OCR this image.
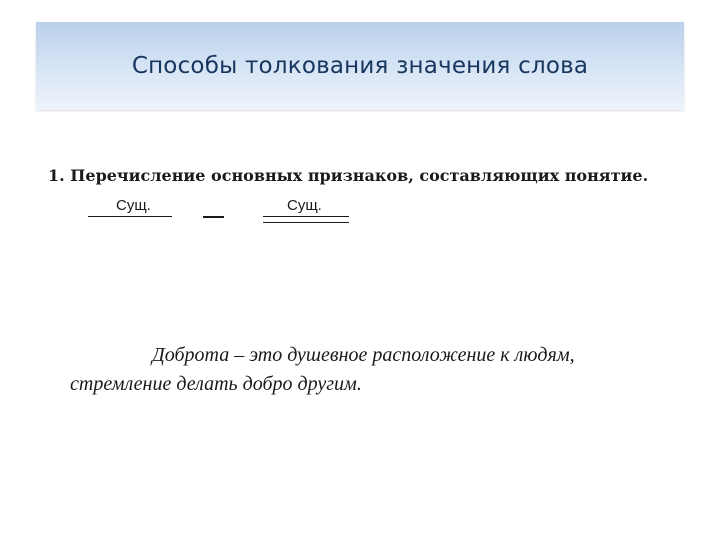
Способы толкования значения слова
1. Перечисление основных признаков, составляющих понятие.
Сущ.	Сущ.
Доброта – это душевное расположение к людям,
стремление делать добро другим.
